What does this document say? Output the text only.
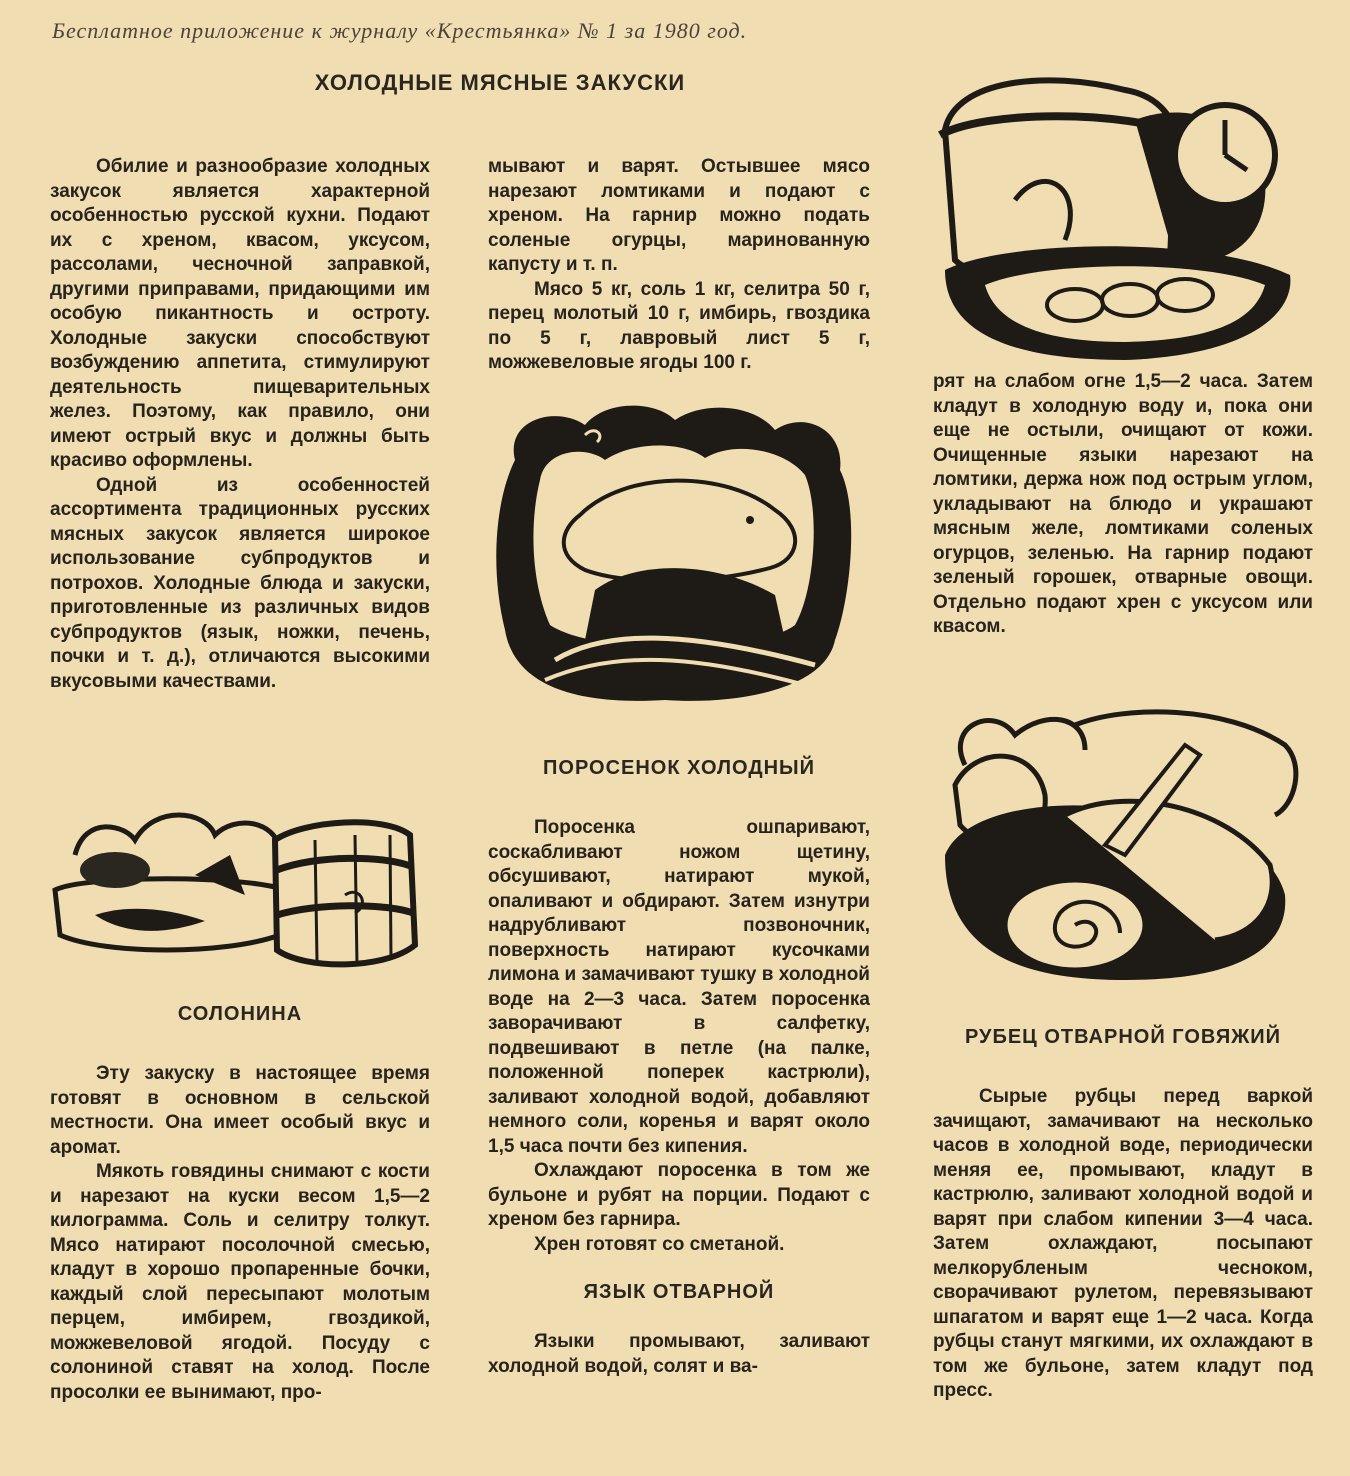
Бесплатное приложение к журналу «Крестьянка» № 1 за 1980 год.
ХОЛОДНЫЕ МЯСНЫЕ ЗАКУСКИ

Обилие и разнообразие холодных закусок является характерной особенностью русской кухни. Подают их с хреном, квасом, уксусом, рассолами, чесночной заправкой, другими приправами, придающими им особую пикантность и остроту. Холодные закуски способствуют возбуждению аппетита, стимулируют деятельность пищеварительных желез. Поэтому, как правило, они имеют острый вкус и должны быть красиво оформлены.

Одной из особенностей ассортимента традиционных русских мясных закусок является широкое использование субпродуктов и потрохов. Холодные блюда и закуски, приготовленные из различных видов субпродуктов (язык, ножки, печень, почки и т. д.), отличаются высокими вкусовыми качествами.

СОЛОНИНА

Эту закуску в настоящее время готовят в основном в сельской местности. Она имеет особый вкус и аромат.

Мякоть говядины снимают с кости и нарезают на куски весом 1,5—2 килограмма. Соль и селитру толкут. Мясо натирают посолочной смесью, кладут в хорошо пропаренные бочки, каждый слой пересыпают молотым перцем, имбирем, гвоздикой, можжевеловой ягодой. Посуду с солониной ставят на холод. После просолки ее вынимают, про-

мывают и варят. Остывшее мясо нарезают ломтиками и подают с хреном. На гарнир можно подать соленые огурцы, маринованную капусту и т. п.

Мясо 5 кг, соль 1 кг, селитра 50 г, перец молотый 10 г, имбирь, гвоздика по 5 г, лавровый лист 5 г, можжевеловые ягоды 100 г.

ПОРОСЕНОК ХОЛОДНЫЙ

Поросенка ошпаривают, соскабливают ножом щетину, обсушивают, натирают мукой, опаливают и обдирают. Затем изнутри надрубливают позвоночник, поверхность натирают кусочками лимона и замачивают тушку в холодной воде на 2—3 часа. Затем поросенка заворачивают в салфетку, подвешивают в петле (на палке, положенной поперек кастрюли), заливают холодной водой, добавляют немного соли, коренья и варят около 1,5 часа почти без кипения.

Охлаждают поросенка в том же бульоне и рубят на порции. Подают с хреном без гарнира.

Хрен готовят со сметаной.

ЯЗЫК ОТВАРНОЙ

Языки промывают, заливают холодной водой, солят и ва-

рят на слабом огне 1,5—2 часа. Затем кладут в холодную воду и, пока они еще не остыли, очищают от кожи. Очищенные языки нарезают на ломтики, держа нож под острым углом, укладывают на блюдо и украшают мясным желе, ломтиками соленых огурцов, зеленью. На гарнир подают зеленый горошек, отварные овощи. Отдельно подают хрен с уксусом или квасом.

РУБЕЦ ОТВАРНОЙ ГОВЯЖИЙ

Сырые рубцы перед варкой зачищают, замачивают на несколько часов в холодной воде, периодически меняя ее, промывают, кладут в кастрюлю, заливают холодной водой и варят при слабом кипении 3—4 часа. Затем охлаждают, посыпают мелкорубленым чесноком, сворачивают рулетом, перевязывают шпагатом и варят еще 1—2 часа. Когда рубцы станут мягкими, их охлаждают в том же бульоне, затем кладут под пресс.
